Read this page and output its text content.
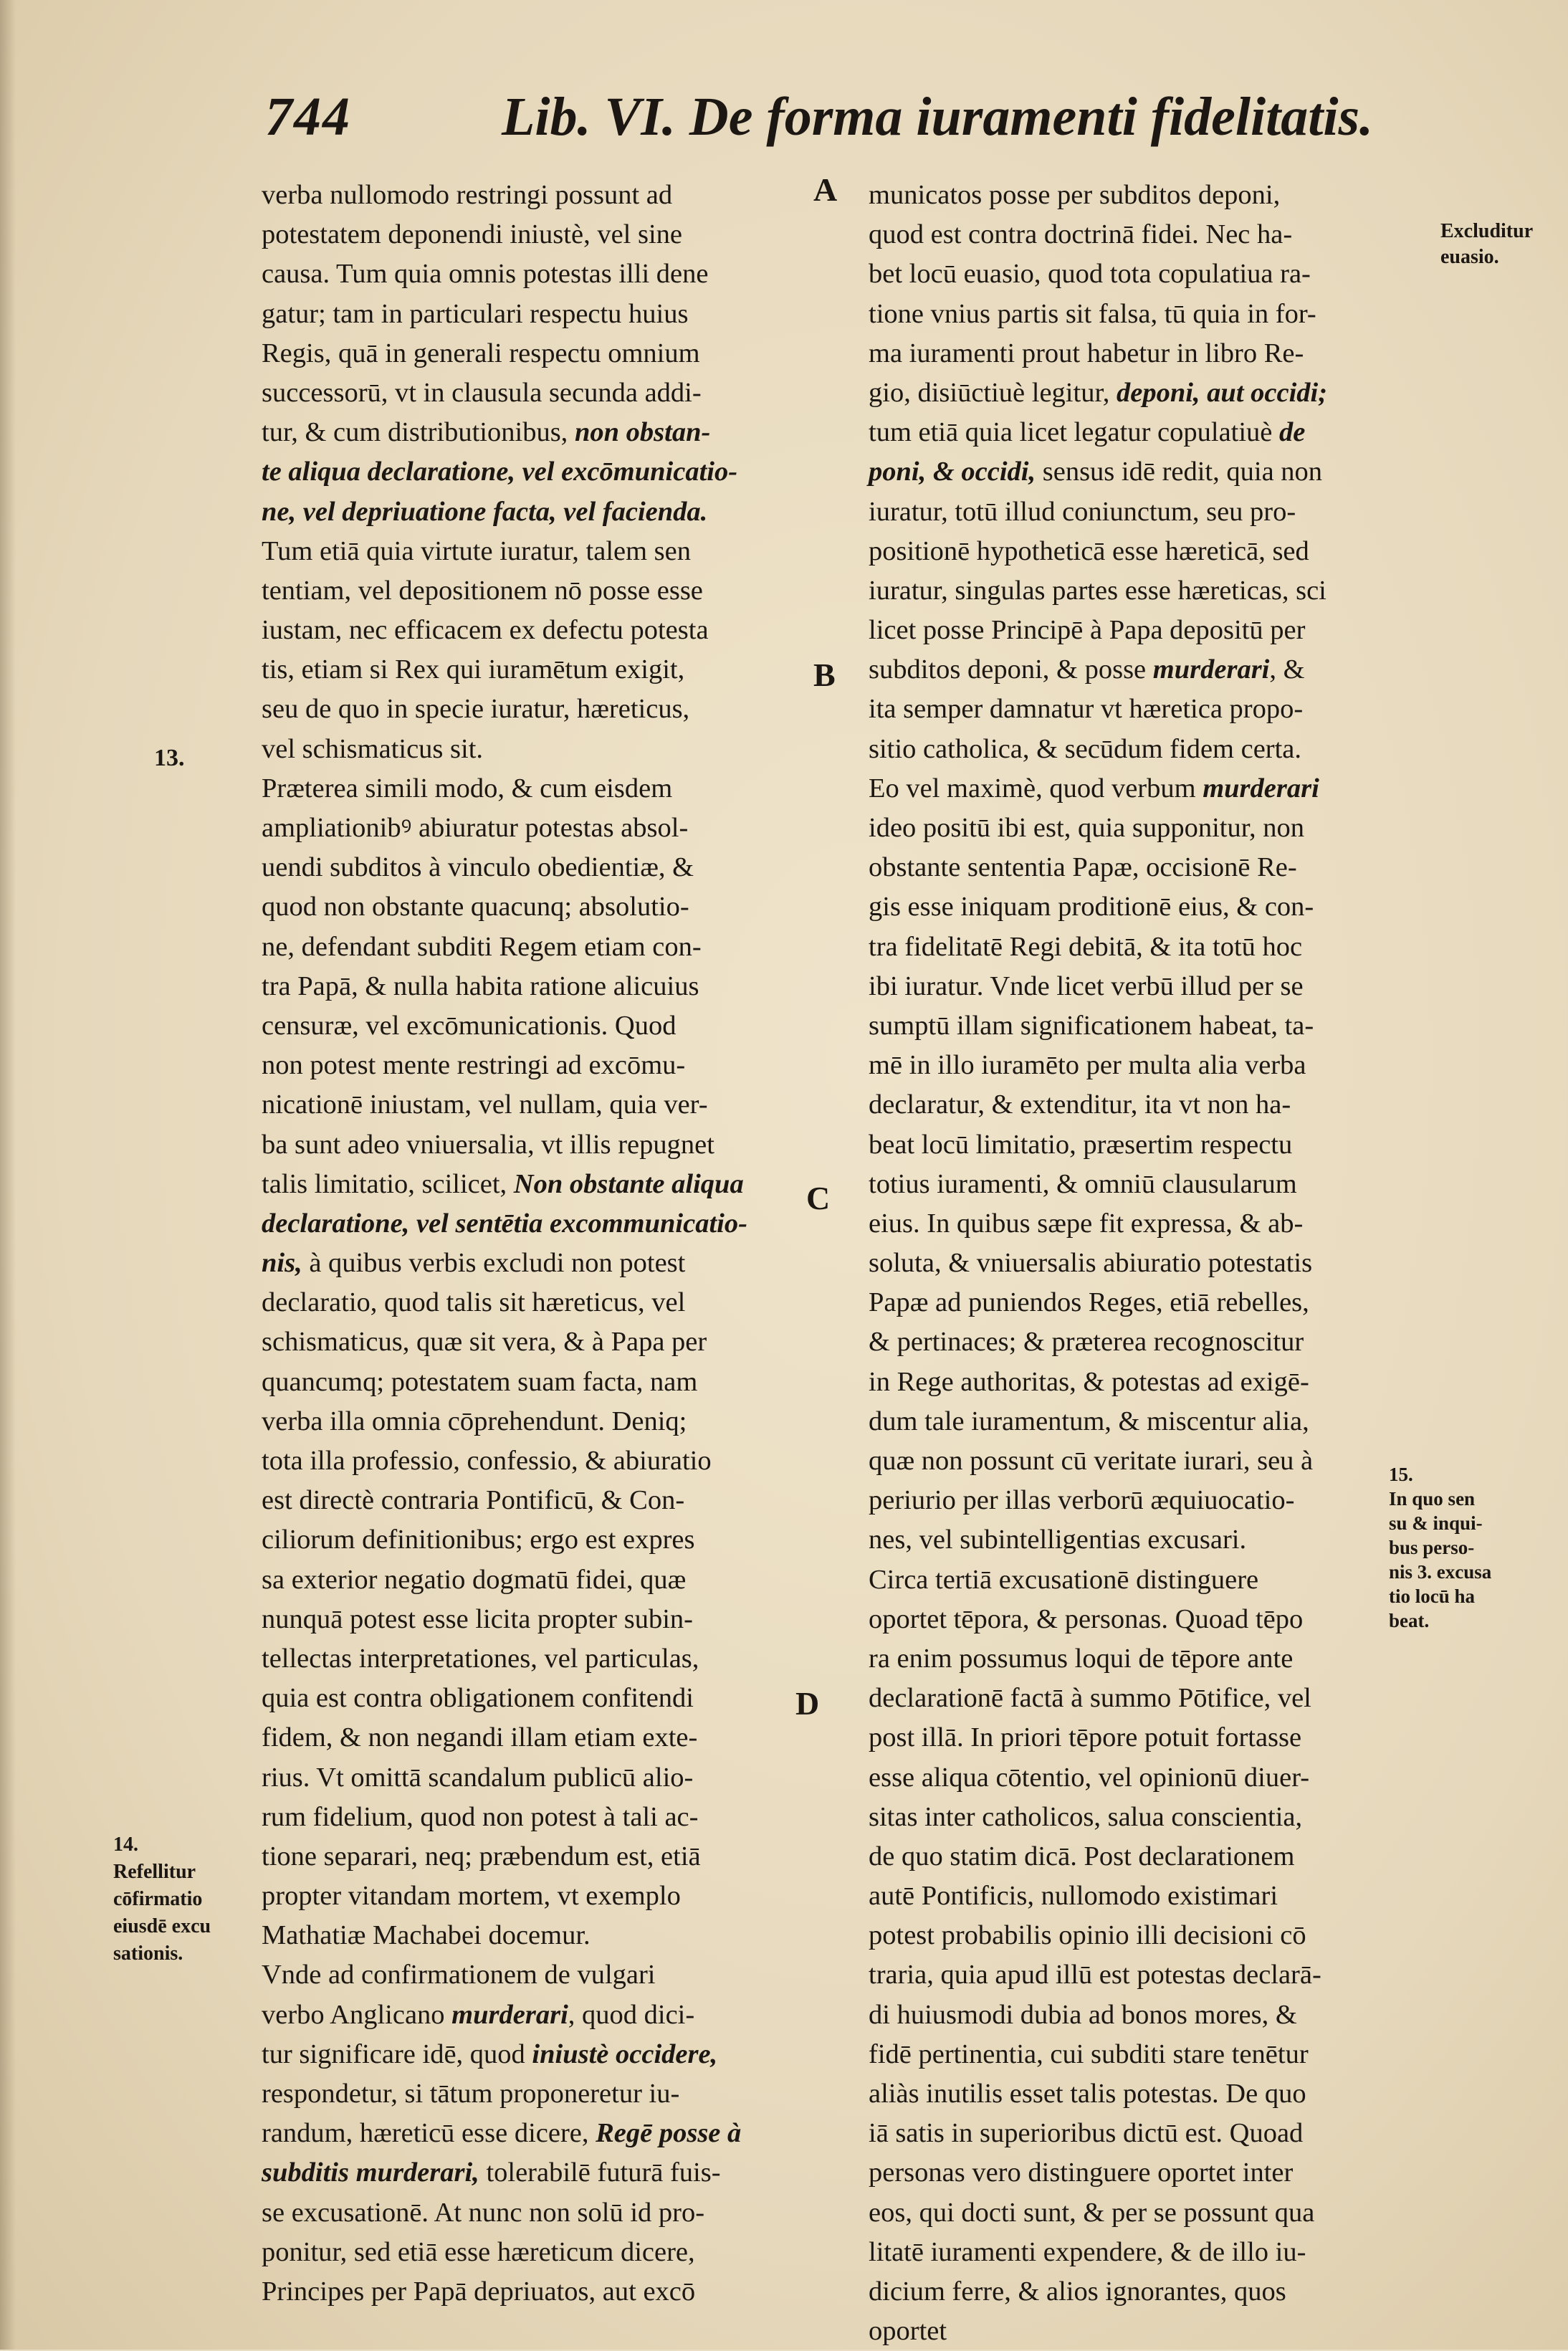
744	Lib. VI. De forma iuramenti fidelitatis.
verba nullomodo restringi possunt ad
potestatem deponendi iniustè, vel sine
causa. Tum quia omnis potestas illi dene
gatur; tam in particulari respectu huius
Regis, quā in generali respectu omnium
successorū, vt in clausula secunda addi-
tur, & cum distributionibus, non obstan-
te aliqua declaratione, vel excōmunicatio-
ne, vel depriuatione facta, vel facienda.
Tum etiā quia virtute iuratur, talem sen
tentiam, vel depositionem nō posse esse
iustam, nec efficacem ex defectu potesta
tis, etiam si Rex qui iuramētum exigit,
seu de quo in specie iuratur, hæreticus,
vel schismaticus sit.
Præterea simili modo, & cum eisdem
ampliationibꝰ abiuratur potestas absol-
uendi subditos à vinculo obedientiæ, &
quod non obstante quacunq; absolutio-
ne, defendant subditi Regem etiam con-
tra Papā, & nulla habita ratione alicuius
censuræ, vel excōmunicationis. Quod
non potest mente restringi ad excōmu-
nicationē iniustam, vel nullam, quia ver-
ba sunt adeo vniuersalia, vt illis repugnet
talis limitatio, scilicet, Non obstante aliqua
declaratione, vel sentētia excommunicatio-
nis, à quibus verbis excludi non potest
declaratio, quod talis sit hæreticus, vel
schismaticus, quæ sit vera, & à Papa per
quancumq; potestatem suam facta, nam
verba illa omnia cōprehendunt. Deniq;
tota illa professio, confessio, & abiuratio
est directè contraria Pontificū, & Con-
ciliorum definitionibus; ergo est expres
sa exterior negatio dogmatū fidei, quæ
nunquā potest esse licita propter subin-
tellectas interpretationes, vel particulas,
quia est contra obligationem confitendi
fidem, & non negandi illam etiam exte-
rius. Vt omittā scandalum publicū alio-
rum fidelium, quod non potest à tali ac-
tione separari, neq; præbendum est, etiā
propter vitandam mortem, vt exemplo
Mathatiæ Machabei docemur.
Vnde ad confirmationem de vulgari
verbo Anglicano murderari, quod dici-
tur significare idē, quod iniustè occidere,
respondetur, si tātum proponeretur iu-
randum, hæreticū esse dicere, Regē posse à
subditis murderari, tolerabilē futurā fuis-
se excusationē. At nunc non solū id pro-
ponitur, sed etiā esse hæreticum dicere,
Principes per Papā depriuatos, aut excō
municatos posse per subditos deponi,
quod est contra doctrinā fidei. Nec ha-
bet locū euasio, quod tota copulatiua ra-
tione vnius partis sit falsa, tū quia in for-
ma iuramenti prout habetur in libro Re-
gio, disiūctiuè legitur, deponi, aut occidi;
tum etiā quia licet legatur copulatiuè de
poni, & occidi, sensus idē redit, quia non
iuratur, totū illud coniunctum, seu pro-
positionē hypotheticā esse hæreticā, sed
iuratur, singulas partes esse hæreticas, sci
licet posse Principē à Papa depositū per
subditos deponi, & posse murderari, &
ita semper damnatur vt hæretica propo-
sitio catholica, & secūdum fidem certa.
Eo vel maximè, quod verbum murderari
ideo positū ibi est, quia supponitur, non
obstante sententia Papæ, occisionē Re-
gis esse iniquam proditionē eius, & con-
tra fidelitatē Regi debitā, & ita totū hoc
ibi iuratur. Vnde licet verbū illud per se
sumptū illam significationem habeat, ta-
mē in illo iuramēto per multa alia verba
declaratur, & extenditur, ita vt non ha-
beat locū limitatio, præsertim respectu
totius iuramenti, & omniū clausularum
eius. In quibus sæpe fit expressa, & ab-
soluta, & vniuersalis abiuratio potestatis
Papæ ad puniendos Reges, etiā rebelles,
& pertinaces; & præterea recognoscitur
in Rege authoritas, & potestas ad exigē-
dum tale iuramentum, & miscentur alia,
quæ non possunt cū veritate iurari, seu à
periurio per illas verborū æquiuocatio-
nes, vel subintelligentias excusari.
Circa tertiā excusationē distinguere
oportet tēpora, & personas. Quoad tēpo
ra enim possumus loqui de tēpore ante
declarationē factā à summo Pōtifice, vel
post illā. In priori tēpore potuit fortasse
esse aliqua cōtentio, vel opinionū diuer-
sitas inter catholicos, salua conscientia,
de quo statim dicā. Post declarationem
autē Pontificis, nullomodo existimari
potest probabilis opinio illi decisioni cō
traria, quia apud illū est potestas declarā-
di huiusmodi dubia ad bonos mores, &
fidē pertinentia, cui subditi stare tenētur
aliàs inutilis esset talis potestas. De quo
iā satis in superioribus dictū est. Quoad
personas vero distinguere oportet inter
eos, qui docti sunt, & per se possunt qua
litatē iuramenti expendere, & de illo iu-
dicium ferre, & alios ignorantes, quos
oportet
A
B
C
D
13.
14.
Refellitur
cōfirmatio
eiusdē excu
sationis.
Excluditur
euasio.
15.
In quo sen
su & inqui-
bus perso-
nis 3. excusa
tio locū ha
beat.
